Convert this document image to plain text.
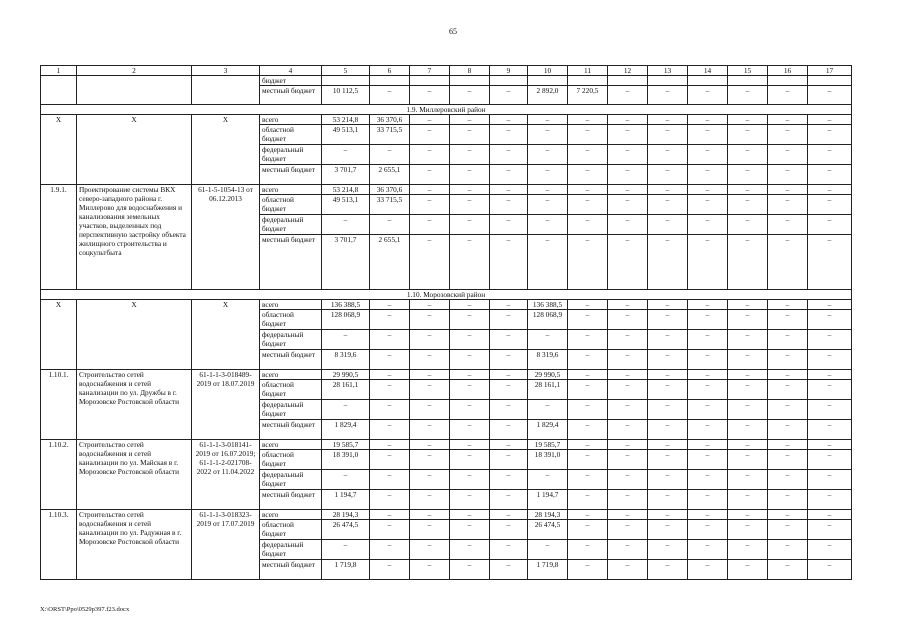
65
1	2	3	4	5	6	7	8	9	10	11	12	13	14	15	16	17
			бюджет													
			местный бюджет	10 112,5	–	–	–	–	2 892,0	7 220,5	–	–	–	–	–	–
1.9. Миллеровский район																
X	X	X	всего	53 214,8	36 370,6	–	–	–	–	–	–	–	–	–	–	–
			областной бюджет	49 513,1	33 715,5	–	–	–	–	–	–	–	–	–	–	–
			федеральный бюджет	–	–	–	–	–	–	–	–	–	–	–	–	–
			местный бюджет	3 701,7	2 655,1	–	–	–	–	–	–	–	–	–	–	–
1.9.1.	Проектирование системы ВКХ северо-западного района г. Миллерово для водоснабжения и канализования земельных участков, выделенных под перспективную застройку объекта жилищного строительства и соцкультбыта	61-1-5-1054-13 от 06.12.2013	всего	53 214,8	36 370,6	–	–	–	–	–	–	–	–	–	–	–
			областной бюджет	49 513,1	33 715,5	–	–	–	–	–	–	–	–	–	–	–
			федеральный бюджет	–	–	–	–	–	–	–	–	–	–	–	–	–
			местный бюджет	3 701,7	2 655,1	–	–	–	–	–	–	–	–	–	–	–
1.10. Морозовский район																
X	X	X	всего	136 388,5	–	–	–	–	136 388,5	–	–	–	–	–	–	–
			областной бюджет	128 068,9	–	–	–	–	128 068,9	–	–	–	–	–	–	–
			федеральный бюджет	–	–	–	–	–	–	–	–	–	–	–	–	–
			местный бюджет	8 319,6	–	–	–	–	8 319,6	–	–	–	–	–	–	–
1.10.1.	Строительство сетей водоснабжения и сетей канализации по ул. Дружбы в г. Морозовске Ростовской области	61-1-1-3-018489-2019 от 18.07.2019	всего	29 990,5	–	–	–	–	29 990,5	–	–	–	–	–	–	–
			областной бюджет	28 161,1	–	–	–	–	28 161,1	–	–	–	–	–	–	–
			федеральный бюджет	–	–	–	–	–	–	–	–	–	–	–	–	–
			местный бюджет	1 829,4	–	–	–	–	1 829,4	–	–	–	–	–	–	–
1.10.2.	Строительство сетей водоснабжения и сетей канализации по ул. Майская в г. Морозовске Ростовской области	61-1-1-3-018141-2019 от 16.07.2019; 61-1-1-2-021708-2022 от 11.04.2022	всего	19 585,7	–	–	–	–	19 585,7	–	–	–	–	–	–	–
			областной бюджет	18 391,0	–	–	–	–	18 391,0	–	–	–	–	–	–	–
			федеральный бюджет	–	–	–	–	–	–	–	–	–	–	–	–	–
			местный бюджет	1 194,7	–	–	–	–	1 194,7	–	–	–	–	–	–	–
1.10.3.	Строительство сетей водоснабжения и сетей канализации по ул. Радужная в г. Морозовске Ростовской области	61-1-1-3-018323-2019 от 17.07.2019	всего	28 194,3	–	–	–	–	28 194,3	–	–	–	–	–	–	–
			областной бюджет	26 474,5	–	–	–	–	26 474,5	–	–	–	–	–	–	–
			федеральный бюджет	–	–	–	–	–	–	–	–	–	–	–	–	–
			местный бюджет	1 719,8	–	–	–	–	1 719,8	–	–	–	–	–	–	–
X:\ORST\Ppo\0529p397.f23.docx
